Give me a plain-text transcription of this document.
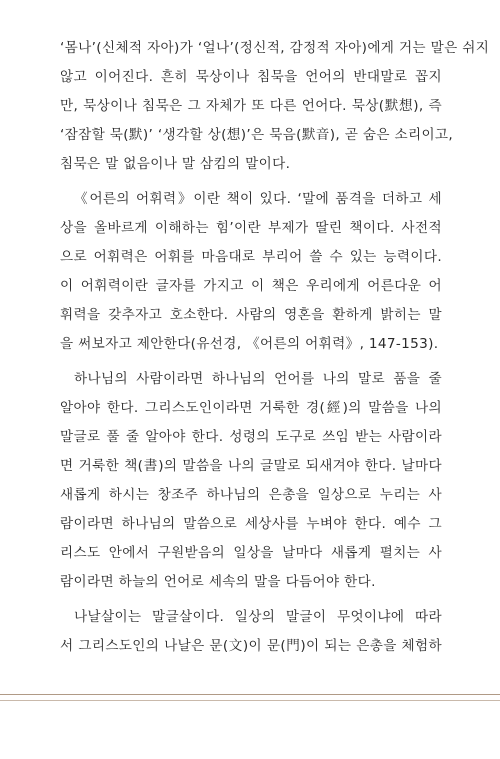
‘몸나’(신체적 자아)가 ‘얼나’(정신적, 감정적 자아)에게 거는 말은 쉬지
않고 이어진다. 흔히 묵상이나 침묵을 언어의 반대말로 꼽지
만, 묵상이나 침묵은 그 자체가 또 다른 언어다. 묵상(默想), 즉
‘잠잠할 묵(默)’ ‘생각할 상(想)’은 묵음(默音), 곧 숨은 소리이고,
침묵은 말 없음이나 말 삼킴의 말이다.

《어른의 어휘력》이란 책이 있다. ‘말에 품격을 더하고 세
상을 올바르게 이해하는 힘’이란 부제가 딸린 책이다. 사전적
으로 어휘력은 어휘를 마음대로 부리어 쓸 수 있는 능력이다.
이 어휘력이란 글자를 가지고 이 책은 우리에게 어른다운 어
휘력을 갖추자고 호소한다. 사람의 영혼을 환하게 밝히는 말
을 써보자고 제안한다(유선경, 《어른의 어휘력》, 147-153).

하나님의 사람이라면 하나님의 언어를 나의 말로 품을 줄
알아야 한다. 그리스도인이라면 거룩한 경(經)의 말씀을 나의
말글로 풀 줄 알아야 한다. 성령의 도구로 쓰임 받는 사람이라
면 거룩한 책(書)의 말씀을 나의 글말로 되새겨야 한다. 날마다
새롭게 하시는 창조주 하나님의 은총을 일상으로 누리는 사
람이라면 하나님의 말씀으로 세상사를 누벼야 한다. 예수 그
리스도 안에서 구원받음의 일상을 날마다 새롭게 펼치는 사
람이라면 하늘의 언어로 세속의 말을 다듬어야 한다.

나날살이는 말글살이다. 일상의 말글이 무엇이냐에 따라
서 그리스도인의 나날은 문(文)이 문(門)이 되는 은총을 체험하
